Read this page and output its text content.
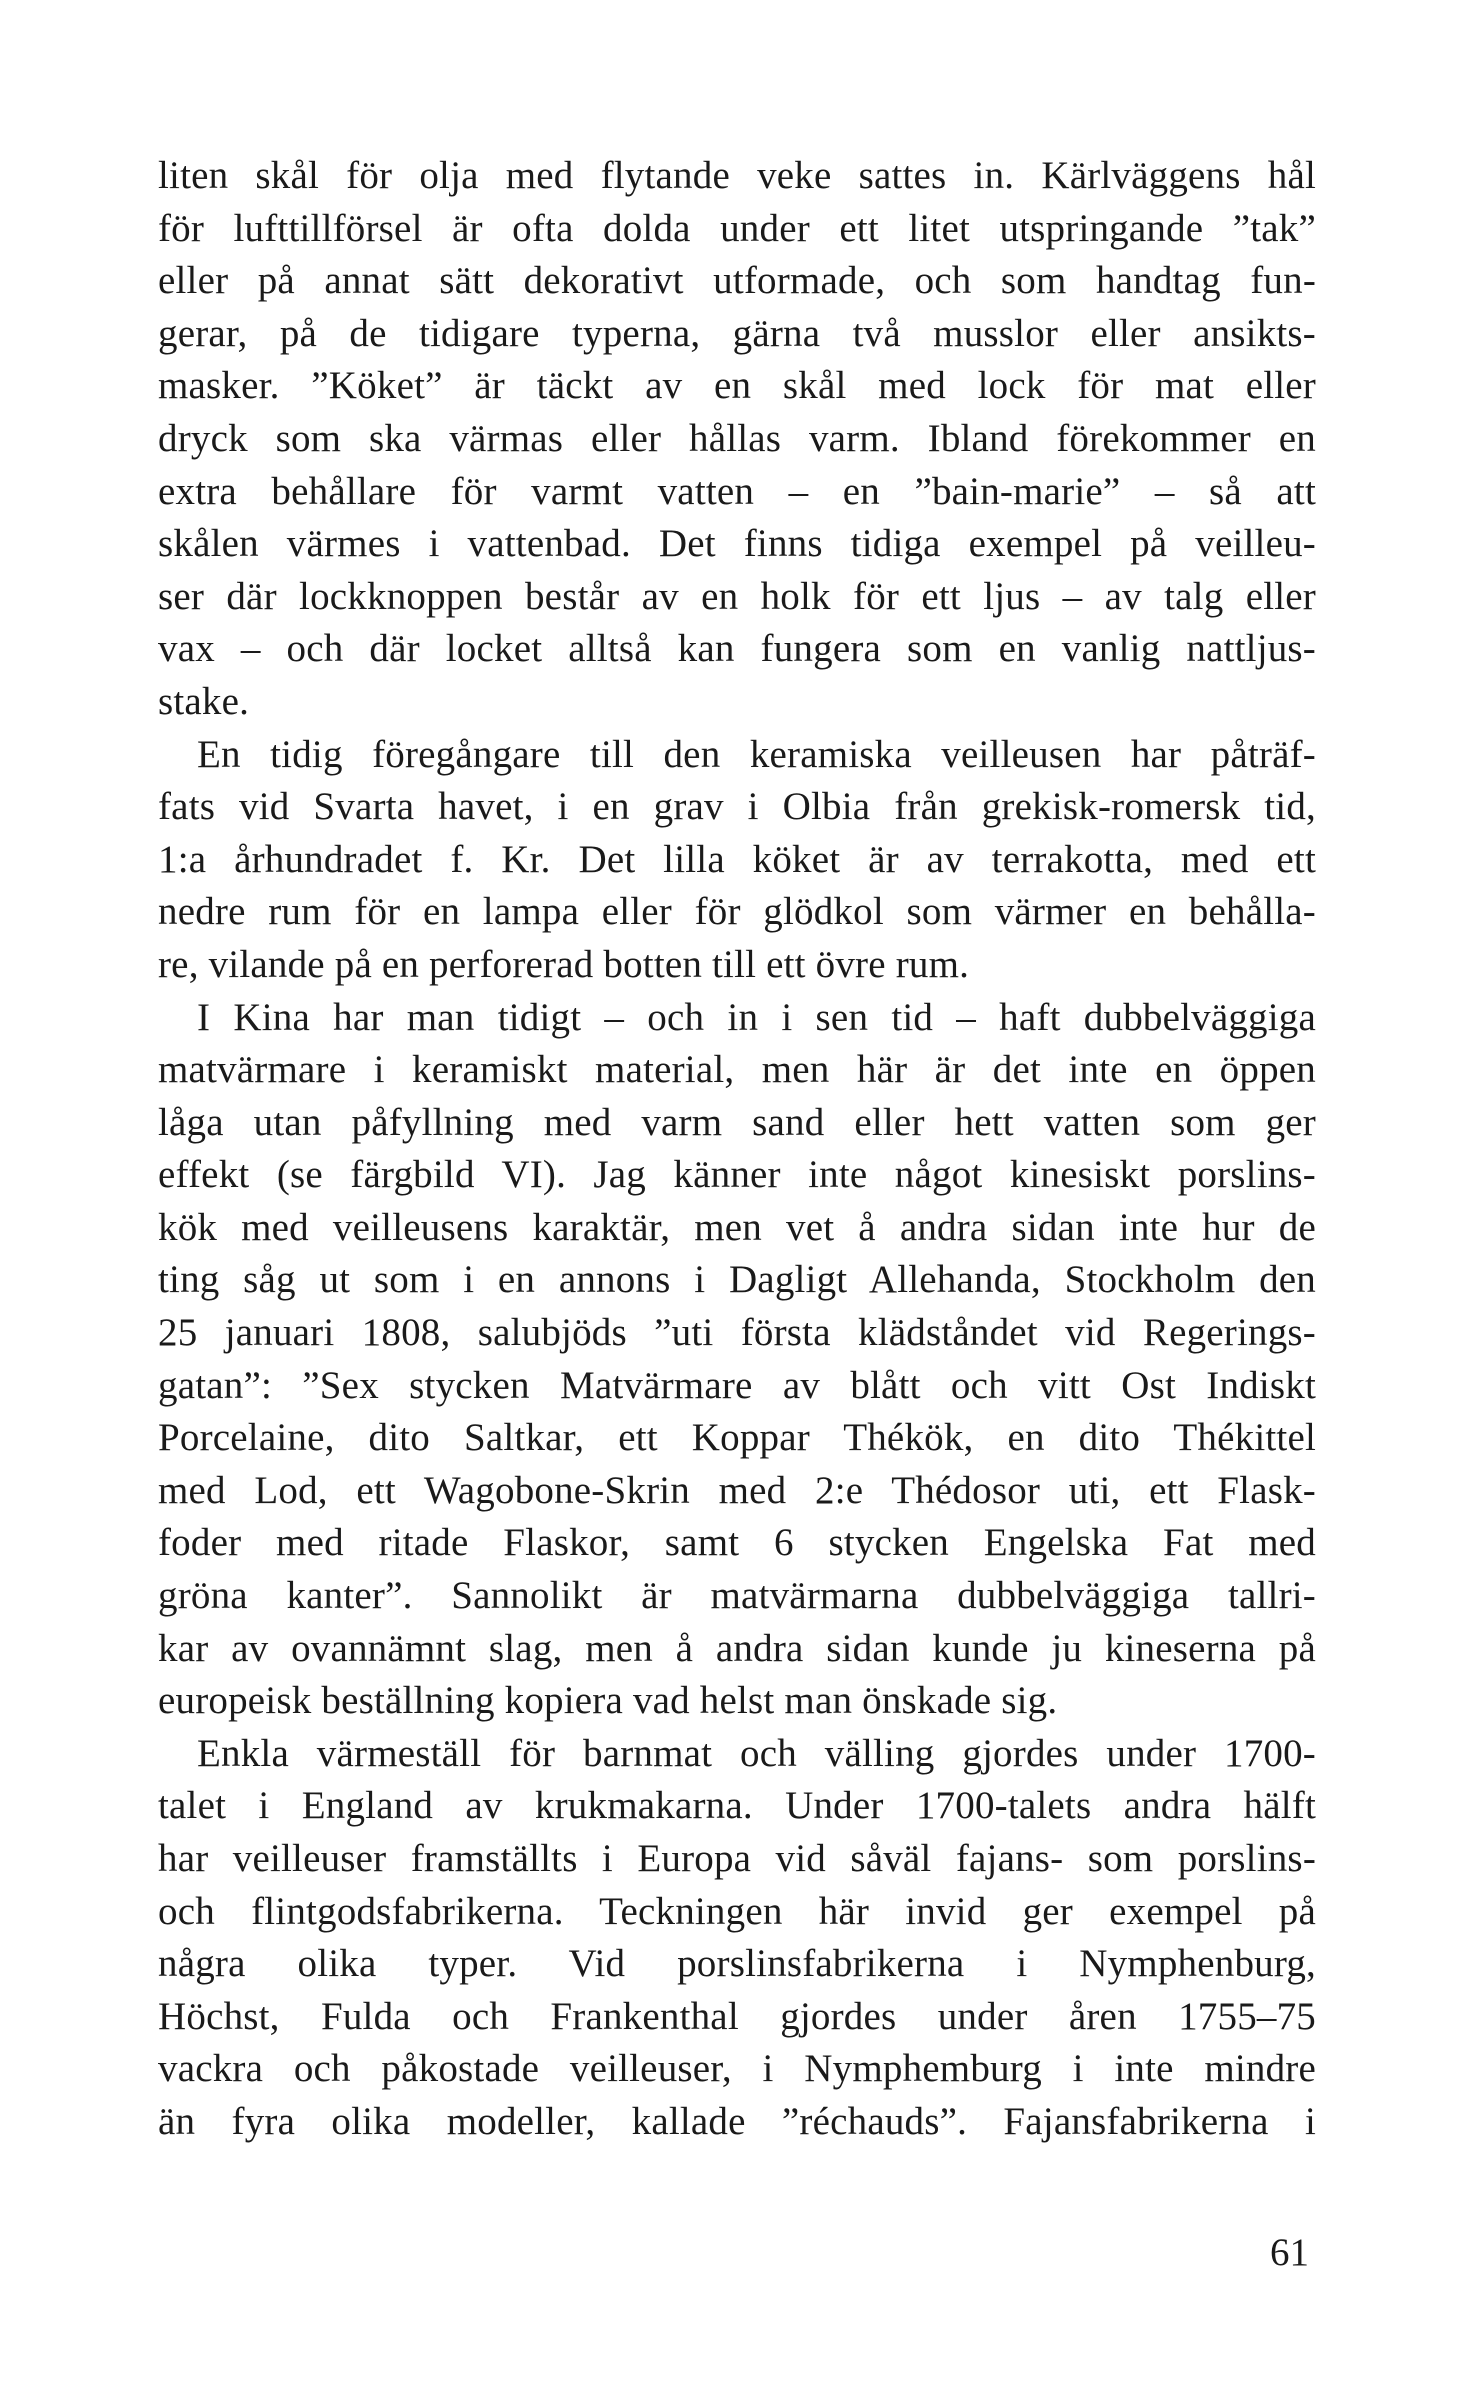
liten skål för olja med flytande veke sattes in. Kärlväggens hål
för lufttillförsel är ofta dolda under ett litet utspringande ”tak”
eller på annat sätt dekorativt utformade, och som handtag fun-
gerar, på de tidigare typerna, gärna två musslor eller ansikts-
masker. ”Köket” är täckt av en skål med lock för mat eller
dryck som ska värmas eller hållas varm. Ibland förekommer en
extra behållare för varmt vatten – en ”bain-marie” – så att
skålen värmes i vattenbad. Det finns tidiga exempel på veilleu-
ser där lockknoppen består av en holk för ett ljus – av talg eller
vax – och där locket alltså kan fungera som en vanlig nattljus-
stake.
En tidig föregångare till den keramiska veilleusen har påträf-
fats vid Svarta havet, i en grav i Olbia från grekisk-romersk tid,
1:a århundradet f. Kr. Det lilla köket är av terrakotta, med ett
nedre rum för en lampa eller för glödkol som värmer en behålla-
re, vilande på en perforerad botten till ett övre rum.
I Kina har man tidigt – och in i sen tid – haft dubbelväggiga
matvärmare i keramiskt material, men här är det inte en öppen
låga utan påfyllning med varm sand eller hett vatten som ger
effekt (se färgbild VI). Jag känner inte något kinesiskt porslins-
kök med veilleusens karaktär, men vet å andra sidan inte hur de
ting såg ut som i en annons i Dagligt Allehanda, Stockholm den
25 januari 1808, salubjöds ”uti första klädståndet vid Regerings-
gatan”: ”Sex stycken Matvärmare av blått och vitt Ost Indiskt
Porcelaine, dito Saltkar, ett Koppar Thékök, en dito Thékittel
med Lod, ett Wagobone-Skrin med 2:e Thédosor uti, ett Flask-
foder med ritade Flaskor, samt 6 stycken Engelska Fat med
gröna kanter”. Sannolikt är matvärmarna dubbelväggiga tallri-
kar av ovannämnt slag, men å andra sidan kunde ju kineserna på
europeisk beställning kopiera vad helst man önskade sig.
Enkla värmeställ för barnmat och välling gjordes under 1700-
talet i England av krukmakarna. Under 1700-talets andra hälft
har veilleuser framställts i Europa vid såväl fajans- som porslins-
och flintgodsfabrikerna. Teckningen här invid ger exempel på
några olika typer. Vid porslinsfabrikerna i Nymphenburg,
Höchst, Fulda och Frankenthal gjordes under åren 1755–75
vackra och påkostade veilleuser, i Nymphemburg i inte mindre
än fyra olika modeller, kallade ”réchauds”. Fajansfabrikerna i
61
